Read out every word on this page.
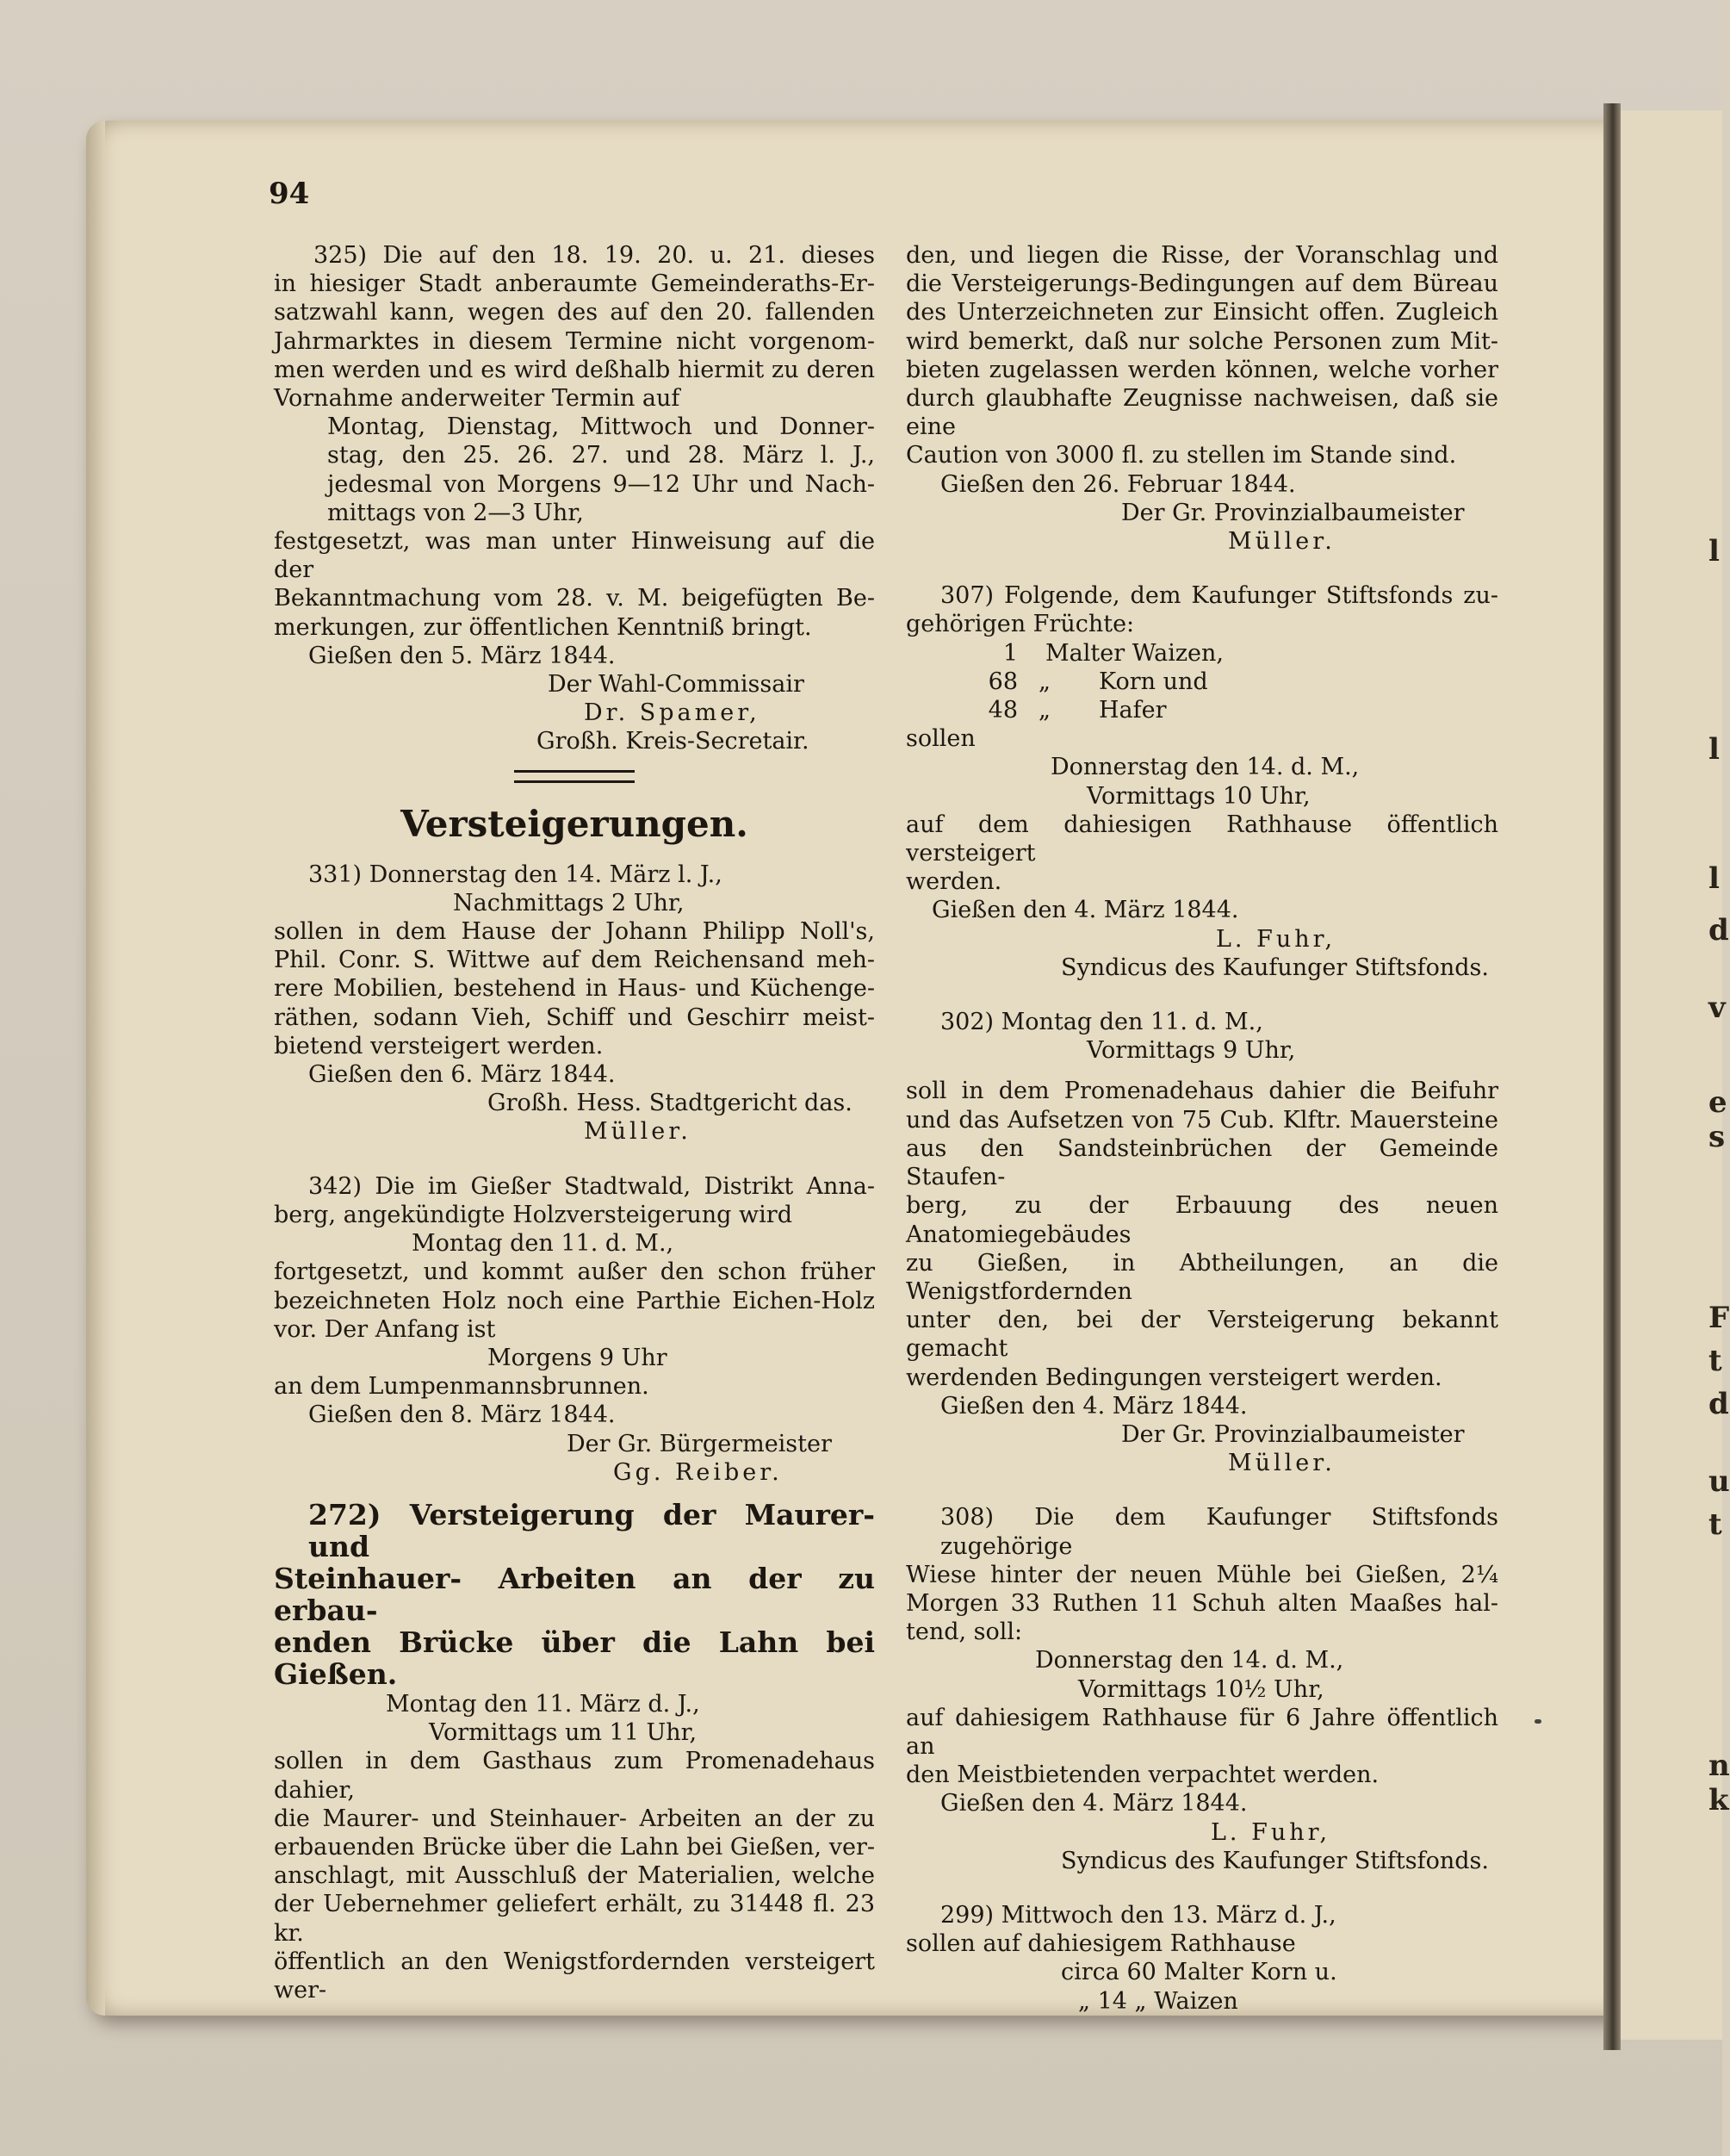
l
l
l
d
v
e
s
F
t
d
u
t
n
k
94

325) Die auf den 18. 19. 20. u. 21. dieses

in hiesiger Stadt anberaumte Gemeinderaths-Er-

satzwahl kann, wegen des auf den 20. fallenden

Jahrmarktes in diesem Termine nicht vorgenom-

men werden und es wird deßhalb hiermit zu deren

Vornahme anderweiter Termin auf

Montag, Dienstag, Mittwoch und Donner-

stag, den 25. 26. 27. und 28. März l. J.,

jedesmal von Morgens 9—12 Uhr und Nach-

mittags von 2—3 Uhr,

festgesetzt, was man unter Hinweisung auf die der

Bekanntmachung vom 28. v. M. beigefügten Be-

merkungen, zur öffentlichen Kenntniß bringt.

Gießen den 5. März 1844.

Der Wahl-Commissair

Dr. Spamer,

Großh. Kreis-Secretair.

Versteigerungen.

331) Donnerstag den 14. März l. J.,

Nachmittags 2 Uhr,

sollen in dem Hause der Johann Philipp Noll's,

Phil. Conr. S. Wittwe auf dem Reichensand meh-

rere Mobilien, bestehend in Haus- und Küchenge-

räthen, sodann Vieh, Schiff und Geschirr meist-

bietend versteigert werden.

Gießen den 6. März 1844.

Großh. Hess. Stadtgericht das.

Müller.

342) Die im Gießer Stadtwald, Distrikt Anna-

berg, angekündigte Holzversteigerung wird

Montag den 11. d. M.,

fortgesetzt, und kommt außer den schon früher

bezeichneten Holz noch eine Parthie Eichen-Holz

vor. Der Anfang ist

Morgens 9 Uhr

an dem Lumpenmannsbrunnen.

Gießen den 8. März 1844.

Der Gr. Bürgermeister

Gg. Reiber.

272) Versteigerung der Maurer- und

Steinhauer- Arbeiten an der zu erbau-

enden Brücke über die Lahn bei Gießen.

Montag den 11. März d. J.,

Vormittags um 11 Uhr,

sollen in dem Gasthaus zum Promenadehaus dahier,

die Maurer- und Steinhauer- Arbeiten an der zu

erbauenden Brücke über die Lahn bei Gießen, ver-

anschlagt, mit Ausschluß der Materialien, welche

der Uebernehmer geliefert erhält, zu 31448 fl. 23 kr.

öffentlich an den Wenigstfordernden versteigert wer-

den, und liegen die Risse, der Voranschlag und

die Versteigerungs-Bedingungen auf dem Büreau

des Unterzeichneten zur Einsicht offen. Zugleich

wird bemerkt, daß nur solche Personen zum Mit-

bieten zugelassen werden können, welche vorher

durch glaubhafte Zeugnisse nachweisen, daß sie eine

Caution von 3000 fl. zu stellen im Stande sind.

Gießen den 26. Februar 1844.

Der Gr. Provinzialbaumeister

Müller.

307) Folgende, dem Kaufunger Stiftsfonds zu-

gehörigen Früchte:

1	Malter Waizen,
68 „	Korn und
48 „	Hafer

sollen

Donnerstag den 14. d. M.,

Vormittags 10 Uhr,

auf dem dahiesigen Rathhause öffentlich versteigert

werden.

Gießen den 4. März 1844.

L. Fuhr,

Syndicus des Kaufunger Stiftsfonds.

302) Montag den 11. d. M.,

Vormittags 9 Uhr,

soll in dem Promenadehaus dahier die Beifuhr

und das Aufsetzen von 75 Cub. Klftr. Mauersteine

aus den Sandsteinbrüchen der Gemeinde Staufen-

berg, zu der Erbauung des neuen Anatomiegebäudes

zu Gießen, in Abtheilungen, an die Wenigstfordernden

unter den, bei der Versteigerung bekannt gemacht

werdenden Bedingungen versteigert werden.

Gießen den 4. März 1844.

Der Gr. Provinzialbaumeister

Müller.

308) Die dem Kaufunger Stiftsfonds zugehörige

Wiese hinter der neuen Mühle bei Gießen, 2¼

Morgen 33 Ruthen 11 Schuh alten Maaßes hal-

tend, soll:

Donnerstag den 14. d. M.,

Vormittags 10½ Uhr,

auf dahiesigem Rathhause für 6 Jahre öffentlich an

den Meistbietenden verpachtet werden.

Gießen den 4. März 1844.

L. Fuhr,

Syndicus des Kaufunger Stiftsfonds.

299) Mittwoch den 13. März d. J.,

sollen auf dahiesigem Rathhause

circa 60 Malter Korn u.

„ 14 „ Waizen
